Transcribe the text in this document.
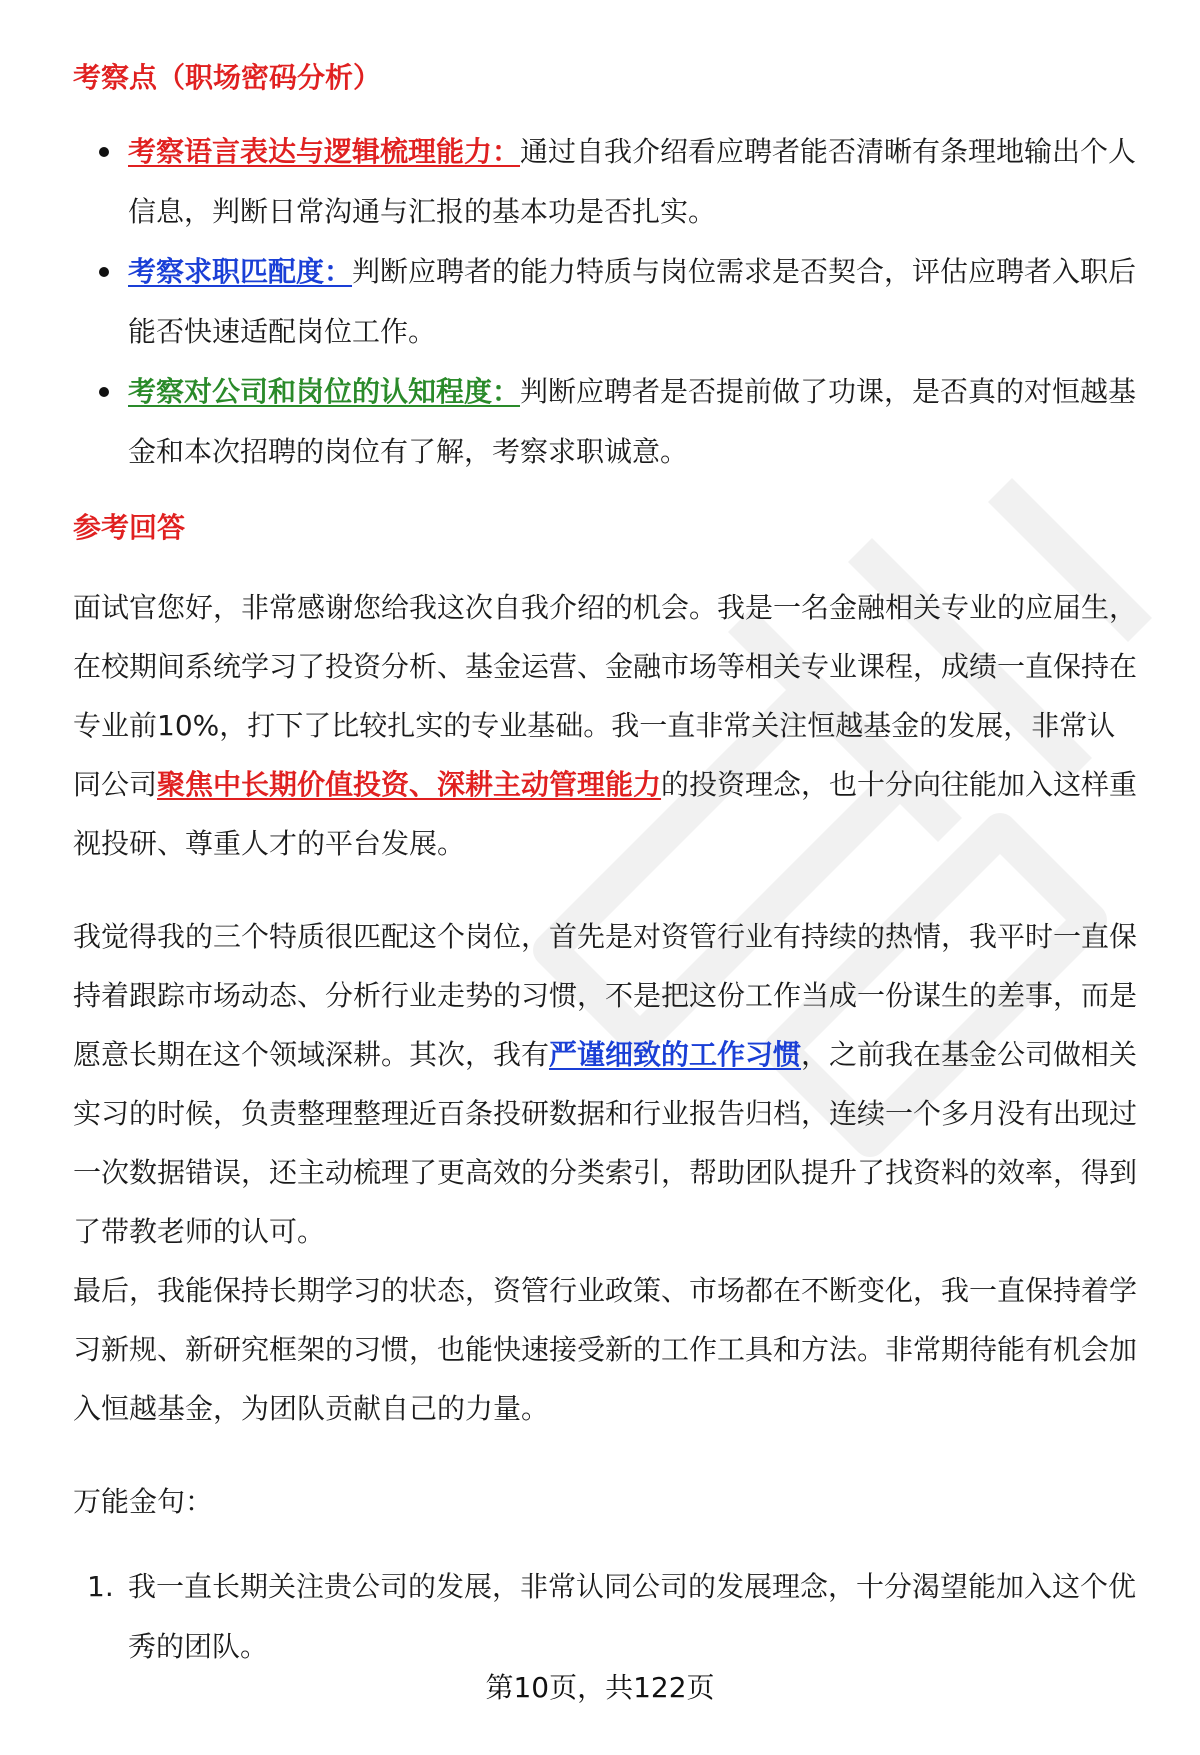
考察点（职场密码分析）
考察语言表达与逻辑梳理能力：通过自我介绍看应聘者能否清晰有条理地输出个人信息，判断日常沟通与汇报的基本功是否扎实。
考察求职匹配度：判断应聘者的能力特质与岗位需求是否契合，评估应聘者入职后能否快速适配岗位工作。
考察对公司和岗位的认知程度：判断应聘者是否提前做了功课，是否真的对恒越基金和本次招聘的岗位有了解，考察求职诚意。
参考回答

面试官您好，非常感谢您给我这次自我介绍的机会。我是一名金融相关专业的应届生，在校期间系统学习了投资分析、基金运营、金融市场等相关专业课程，成绩一直保持在专业前10%，打下了比较扎实的专业基础。我一直非常关注恒越基金的发展，非常认同公司聚焦中长期价值投资、深耕主动管理能力的投资理念，也十分向往能加入这样重视投研、尊重人才的平台发展。

我觉得我的三个特质很匹配这个岗位，首先是对资管行业有持续的热情，我平时一直保持着跟踪市场动态、分析行业走势的习惯，不是把这份工作当成一份谋生的差事，而是愿意长期在这个领域深耕。其次，我有严谨细致的工作习惯，之前我在基金公司做相关实习的时候，负责整理整理近百条投研数据和行业报告归档，连续一个多月没有出现过一次数据错误，还主动梳理了更高效的分类索引，帮助团队提升了找资料的效率，得到了带教老师的认可。

最后，我能保持长期学习的状态，资管行业政策、市场都在不断变化，我一直保持着学习新规、新研究框架的习惯，也能快速接受新的工作工具和方法。非常期待能有机会加入恒越基金，为团队贡献自己的力量。

万能金句：

1. 我一直长期关注贵公司的发展，非常认同公司的发展理念，十分渴望能加入这个优秀的团队。
第10页，共122页
